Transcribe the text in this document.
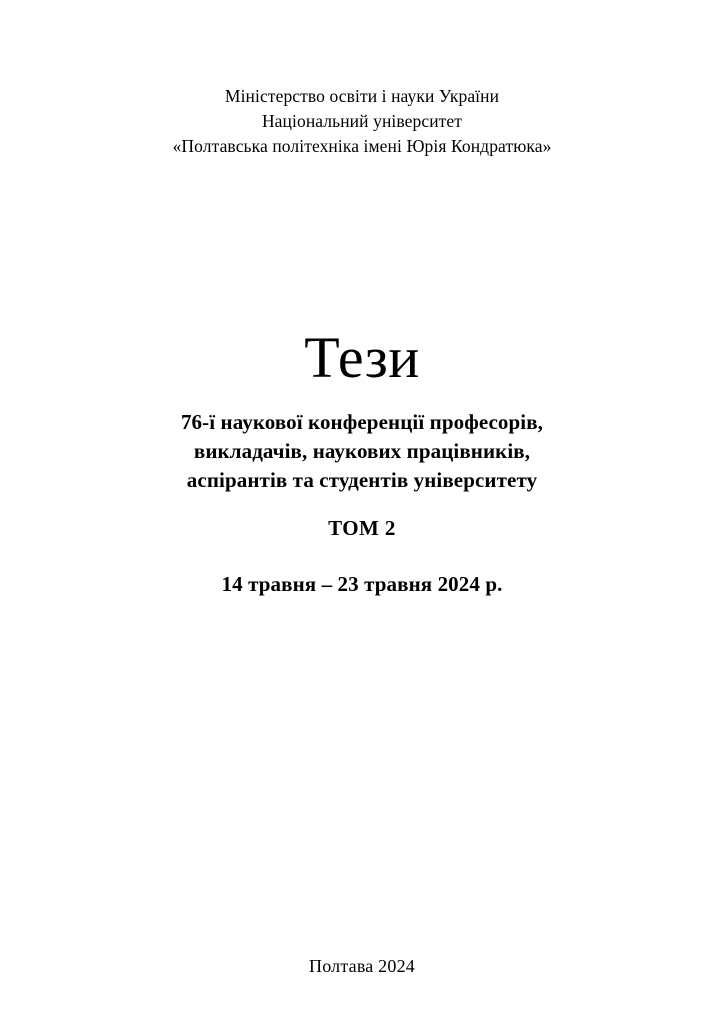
Міністерство освіти і науки України
Національний університет
«Полтавська політехніка імені Юрія Кондратюка»
Тези
76-ї наукової конференції професорів,
викладачів, наукових працівників,
аспірантів та студентів університету
ТОМ 2
14 травня – 23 травня 2024 р.
Полтава 2024
